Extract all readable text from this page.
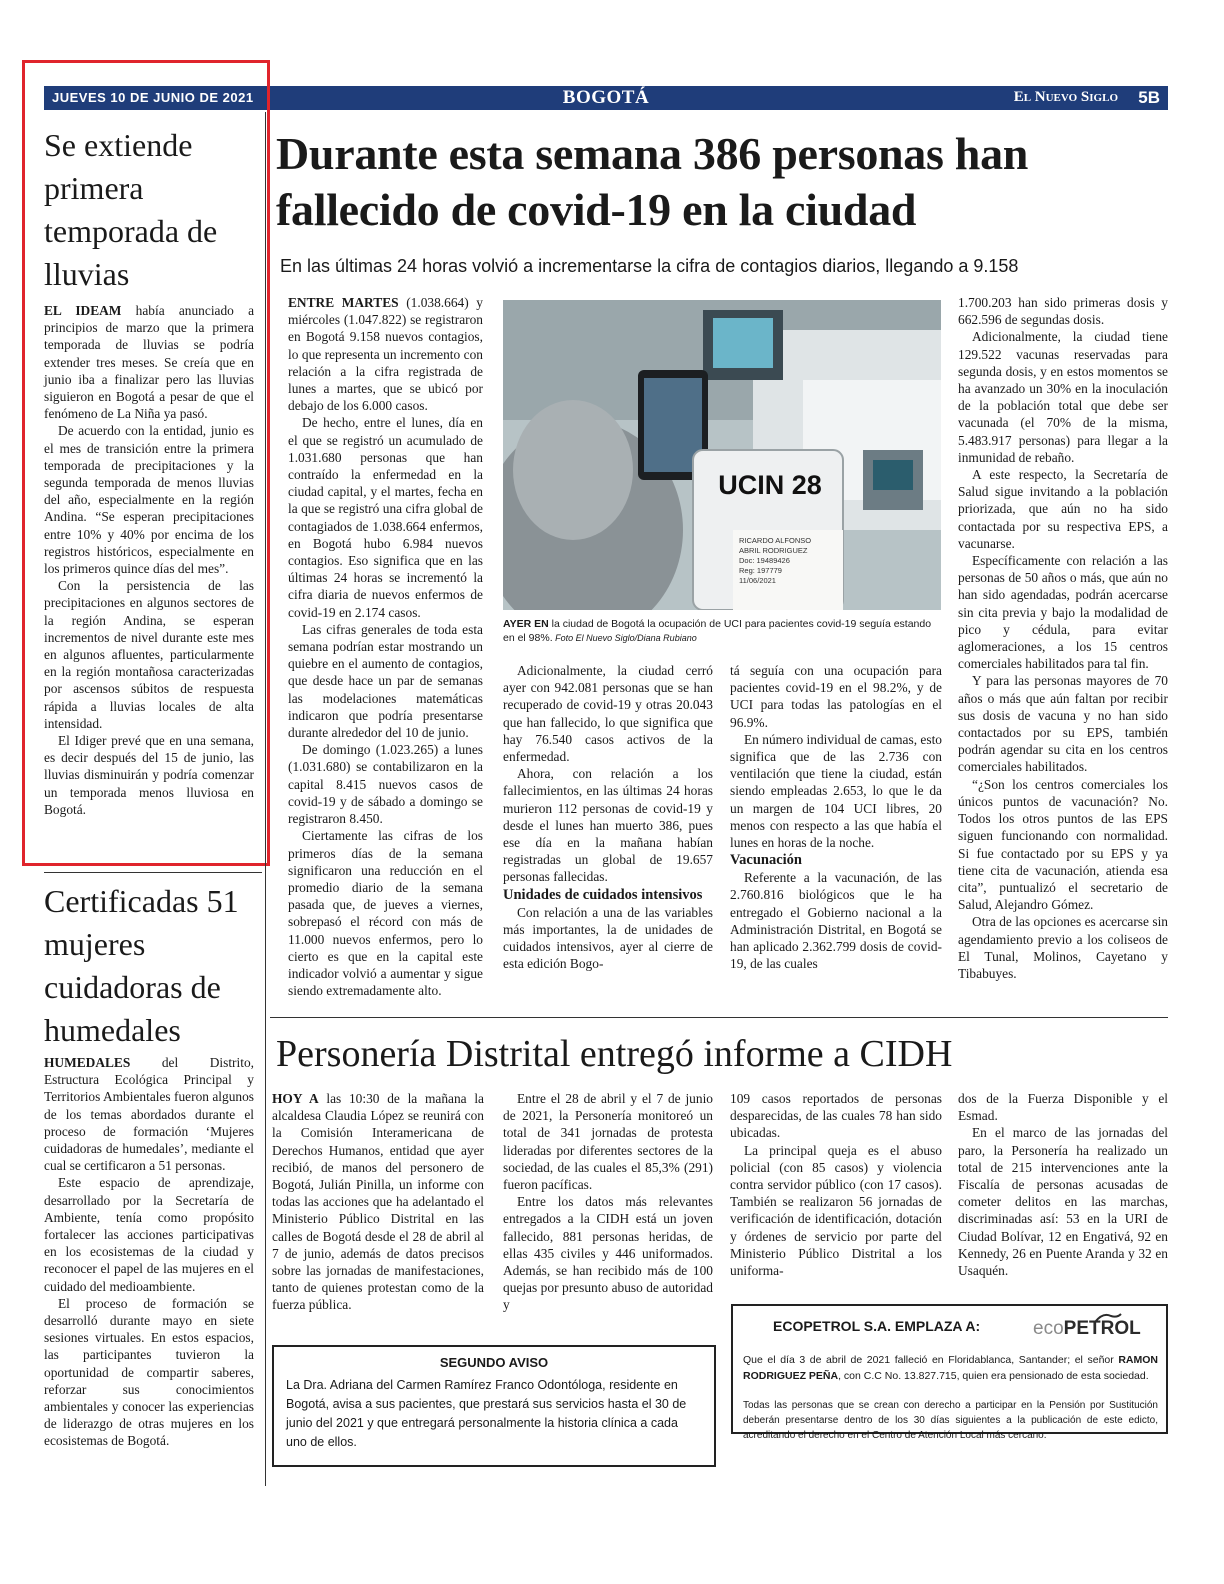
JUEVES 10 DE JUNIO DE 2021	BOGOTÁ	El Nuevo Siglo 5B
Se extiende primera temporada de lluvias

EL IDEAM había anunciado a principios de marzo que la primera temporada de lluvias se podría extender tres meses. Se creía que en junio iba a finalizar pero las lluvias siguieron en Bogotá a pesar de que el fenómeno de La Niña ya pasó.

De acuerdo con la entidad, junio es el mes de transición entre la primera temporada de precipitaciones y la segunda temporada de menos lluvias del año, especialmente en la región Andina. “Se esperan precipitaciones entre 10% y 40% por encima de los registros históricos, especialmente en los primeros quince días del mes”.

Con la persistencia de las precipitaciones en algunos sectores de la región Andina, se esperan incrementos de nivel durante este mes en algunos afluentes, particularmente en la región montañosa caracterizadas por ascensos súbitos de respuesta rápida a lluvias locales de alta intensidad.

El Idiger prevé que en una semana, es decir después del 15 de junio, las lluvias disminuirán y podría comenzar un temporada menos lluviosa en Bogotá.

Certificadas 51 mujeres cuidadoras de humedales

HUMEDALES del Distrito, Estructura Ecológica Principal y Territorios Ambientales fueron algunos de los temas abordados durante el proceso de formación ‘Mujeres cuidadoras de humedales’, mediante el cual se certificaron a 51 personas.

Este espacio de aprendizaje, desarrollado por la Secretaría de Ambiente, tenía como propósito fortalecer las acciones participativas en los ecosistemas de la ciudad y reconocer el papel de las mujeres en el cuidado del medioambiente.

El proceso de formación se desarrolló durante mayo en siete sesiones virtuales. En estos espacios, las participantes tuvieron la oportunidad de compartir saberes, reforzar sus conocimientos ambientales y conocer las experiencias de liderazgo de otras mujeres en los ecosistemas de Bogotá.

Durante esta semana 386 personas han fallecido de covid-19 en la ciudad
En las últimas 24 horas volvió a incrementarse la cifra de contagios diarios, llegando a 9.158

ENTRE MARTES (1.038.664) y miércoles (1.047.822) se registraron en Bogotá 9.158 nuevos contagios, lo que representa un incremento con relación a la cifra registrada de lunes a martes, que se ubicó por debajo de los 6.000 casos.

De hecho, entre el lunes, día en el que se registró un acumulado de 1.031.680 personas que han contraído la enfermedad en la ciudad capital, y el martes, fecha en la que se registró una cifra global de contagiados de 1.038.664 enfermos, en Bogotá hubo 6.984 nuevos contagios. Eso significa que en las últimas 24 horas se incrementó la cifra diaria de nuevos enfermos de covid-19 en 2.174 casos.

Las cifras generales de toda esta semana podrían estar mostrando un quiebre en el aumento de contagios, que desde hace un par de semanas las modelaciones matemáticas indicaron que podría presentarse durante alrededor del 10 de junio.

De domingo (1.023.265) a lunes (1.031.680) se contabilizaron en la capital 8.415 nuevos casos de covid-19 y de sábado a domingo se registraron 8.450.

Ciertamente las cifras de los primeros días de la semana significaron una reducción en el promedio diario de la semana pasada que, de jueves a viernes, sobrepasó el récord con más de 11.000 nuevos enfermos, pero lo cierto es que en la capital este indicador volvió a aumentar y sigue siendo extremadamente alto.

UCIN 28
RICARDO ALFONSO
ABRIL RODRIGUEZ
Doc: 19489426
Reg: 197779
11/06/2021
AYER EN la ciudad de Bogotá la ocupación de UCI para pacientes covid-19 seguía estando en el 98%. Foto El Nuevo Siglo/Diana Rubiano

Adicionalmente, la ciudad cerró ayer con 942.081 personas que se han recuperado de covid-19 y otras 20.043 que han fallecido, lo que significa que hay 76.540 casos activos de la enfermedad.

Ahora, con relación a los fallecimientos, en las últimas 24 horas murieron 112 personas de covid-19 y desde el lunes han muerto 386, pues ese día en la mañana habían registradas un global de 19.657 personas fallecidas.

Unidades de cuidados intensivos

Con relación a una de las variables más importantes, la de unidades de cuidados intensivos, ayer al cierre de esta edición Bogo-

tá seguía con una ocupación para pacientes covid-19 en el 98.2%, y de UCI para todas las patologías en el 96.9%.

En número individual de camas, esto significa que de las 2.736 con ventilación que tiene la ciudad, están siendo empleadas 2.653, lo que le da un margen de 104 UCI libres, 20 menos con respecto a las que había el lunes en horas de la noche.

Vacunación

Referente a la vacunación, de las 2.760.816 biológicos que le ha entregado el Gobierno nacional a la Administración Distrital, en Bogotá se han aplicado 2.362.799 dosis de covid-19, de las cuales

1.700.203 han sido primeras dosis y 662.596 de segundas dosis.

Adicionalmente, la ciudad tiene 129.522 vacunas reservadas para segunda dosis, y en estos momentos se ha avanzado un 30% en la inoculación de la población total que debe ser vacunada (el 70% de la misma, 5.483.917 personas) para llegar a la inmunidad de rebaño.

A este respecto, la Secretaría de Salud sigue invitando a la población priorizada, que aún no ha sido contactada por su respectiva EPS, a vacunarse.

Específicamente con relación a las personas de 50 años o más, que aún no han sido agendadas, podrán acercarse sin cita previa y bajo la modalidad de pico y cédula, para evitar aglomeraciones, a los 15 centros comerciales habilitados para tal fin.

Y para las personas mayores de 70 años o más que aún faltan por recibir sus dosis de vacuna y no han sido contactados por su EPS, también podrán agendar su cita en los centros comerciales habilitados.

“¿Son los centros comerciales los únicos puntos de vacunación? No. Todos los otros puntos de las EPS siguen funcionando con normalidad. Si fue contactado por su EPS y ya tiene cita de vacunación, atienda esa cita”, puntualizó el secretario de Salud, Alejandro Gómez.

Otra de las opciones es acercarse sin agendamiento previo a los coliseos de El Tunal, Molinos, Cayetano y Tibabuyes.

Personería Distrital entregó informe a CIDH

HOY A las 10:30 de la mañana la alcaldesa Claudia López se reunirá con la Comisión Interamericana de Derechos Humanos, entidad que ayer recibió, de manos del personero de Bogotá, Julián Pinilla, un informe con todas las acciones que ha adelantado el Ministerio Público Distrital en las calles de Bogotá desde el 28 de abril al 7 de junio, además de datos precisos sobre las jornadas de manifestaciones, tanto de quienes protestan como de la fuerza pública.

Entre el 28 de abril y el 7 de junio de 2021, la Personería monitoreó un total de 341 jornadas de protesta lideradas por diferentes sectores de la sociedad, de las cuales el 85,3% (291) fueron pacíficas.

Entre los datos más relevantes entregados a la CIDH está un joven fallecido, 881 personas heridas, de ellas 435 civiles y 446 uniformados. Además, se han recibido más de 100 quejas por presunto abuso de autoridad y

109 casos reportados de personas desparecidas, de las cuales 78 han sido ubicadas.

La principal queja es el abuso policial (con 85 casos) y violencia contra servidor público (con 17 casos). También se realizaron 56 jornadas de verificación de identificación, dotación y órdenes de servicio por parte del Ministerio Público Distrital a los uniforma-

dos de la Fuerza Disponible y el Esmad.

En el marco de las jornadas del paro, la Personería ha realizado un total de 215 intervenciones ante la Fiscalía de personas acusadas de cometer delitos en las marchas, discriminadas así: 53 en la URI de Ciudad Bolívar, 12 en Engativá, 92 en Kennedy, 26 en Puente Aranda y 32 en Usaquén.

SEGUNDO AVISO
La Dra. Adriana del Carmen Ramírez Franco Odontóloga, residente en Bogotá, avisa a sus pacientes, que prestará sus servicios hasta el 30 de junio del 2021 y que entregará personalmente la historia clínica a cada uno de ellos.
ECOPETROL S.A. EMPLAZA A:	ecoPETROL
Que el día 3 de abril de 2021 falleció en Floridablanca, Santander; el señor RAMON RODRIGUEZ PEÑA, con C.C No. 13.827.715, quien era pensionado de esta sociedad.
Todas las personas que se crean con derecho a participar en la Pensión por Sustitución deberán presentarse dentro de los 30 días siguientes a la publicación de este edicto, acreditando el derecho en el Centro de Atención Local más cercano.
